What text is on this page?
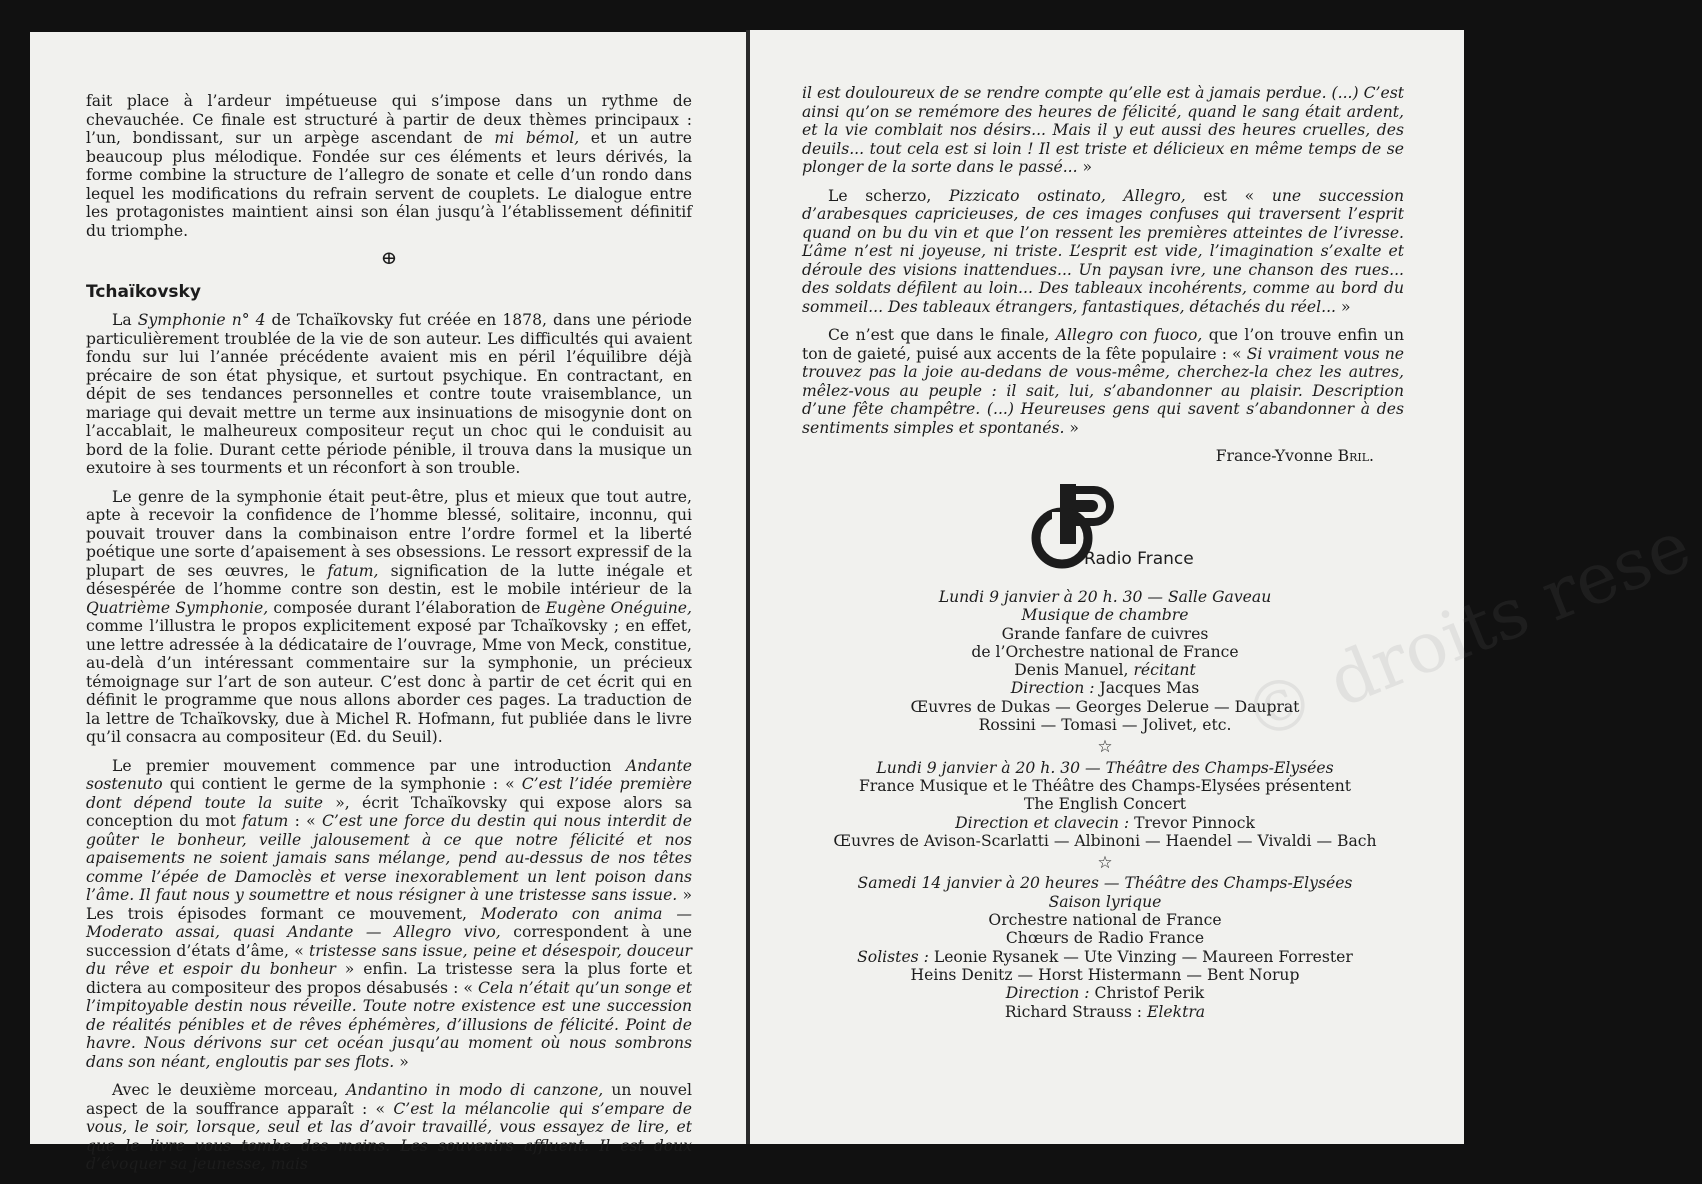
fait place à l’ardeur impétueuse qui s’impose dans un rythme de chevauchée. Ce finale est structuré à partir de deux thèmes principaux : l’un, bondissant, sur un arpège ascendant de mi bémol, et un autre beaucoup plus mélodique. Fondée sur ces éléments et leurs dérivés, la forme combine la structure de l’allegro de sonate et celle d’un rondo dans lequel les modifications du refrain servent de couplets. Le dialogue entre les protagonistes maintient ainsi son élan jusqu’à l’établissement définitif du triomphe.

ⴲ
Tchaïkovsky

La Symphonie n° 4 de Tchaïkovsky fut créée en 1878, dans une période particulièrement troublée de la vie de son auteur. Les difficultés qui avaient fondu sur lui l’année précédente avaient mis en péril l’équilibre déjà précaire de son état physique, et surtout psychique. En contractant, en dépit de ses tendances personnelles et contre toute vraisemblance, un mariage qui devait mettre un terme aux insinuations de misogynie dont on l’accablait, le malheureux compositeur reçut un choc qui le conduisit au bord de la folie. Durant cette période pénible, il trouva dans la musique un exutoire à ses tourments et un réconfort à son trouble.

Le genre de la symphonie était peut-être, plus et mieux que tout autre, apte à recevoir la confidence de l’homme blessé, solitaire, inconnu, qui pouvait trouver dans la combinaison entre l’ordre formel et la liberté poétique une sorte d’apaisement à ses obsessions. Le ressort expressif de la plupart de ses œuvres, le fatum, signification de la lutte inégale et désespérée de l’homme contre son destin, est le mobile intérieur de la Quatrième Symphonie, composée durant l’élaboration de Eugène Onéguine, comme l’illustra le propos explicitement exposé par Tchaïkovsky ; en effet, une lettre adressée à la dédicataire de l’ouvrage, Mme von Meck, constitue, au-delà d’un intéressant commentaire sur la symphonie, un précieux témoignage sur l’art de son auteur. C’est donc à partir de cet écrit qui en définit le programme que nous allons aborder ces pages. La traduction de la lettre de Tchaïkovsky, due à Michel R. Hofmann, fut publiée dans le livre qu’il consacra au compositeur (Ed. du Seuil).

Le premier mouvement commence par une introduction Andante sostenuto qui contient le germe de la symphonie : « C’est l’idée première dont dépend toute la suite », écrit Tchaïkovsky qui expose alors sa conception du mot fatum : « C’est une force du destin qui nous interdit de goûter le bonheur, veille jalousement à ce que notre félicité et nos apaisements ne soient jamais sans mélange, pend au-dessus de nos têtes comme l’épée de Damoclès et verse inexorablement un lent poison dans l’âme. Il faut nous y soumettre et nous résigner à une tristesse sans issue. » Les trois épisodes formant ce mouvement, Moderato con anima — Moderato assai, quasi Andante — Allegro vivo, correspondent à une succession d’états d’âme, « tristesse sans issue, peine et désespoir, douceur du rêve et espoir du bonheur » enfin. La tristesse sera la plus forte et dictera au compositeur des propos désabusés : « Cela n’était qu’un songe et l’impitoyable destin nous réveille. Toute notre existence est une succession de réalités pénibles et de rêves éphémères, d’illusions de félicité. Point de havre. Nous dérivons sur cet océan jusqu’au moment où nous sombrons dans son néant, engloutis par ses flots. »

Avec le deuxième morceau, Andantino in modo di canzone, un nouvel aspect de la souffrance apparaît : « C’est la mélancolie qui s’empare de vous, le soir, lorsque, seul et las d’avoir travaillé, vous essayez de lire, et que le livre vous tombe des mains. Les souvenirs affluent. Il est doux d’évoquer sa jeunesse, mais

© droits rese

il est douloureux de se rendre compte qu’elle est à jamais perdue. (...) C’est ainsi qu’on se remémore des heures de félicité, quand le sang était ardent, et la vie comblait nos désirs... Mais il y eut aussi des heures cruelles, des deuils... tout cela est si loin ! Il est triste et délicieux en même temps de se plonger de la sorte dans le passé... »

Le scherzo, Pizzicato ostinato, Allegro, est « une succession d’arabesques capricieuses, de ces images confuses qui traversent l’esprit quand on bu du vin et que l’on ressent les premières atteintes de l’ivresse. L’âme n’est ni joyeuse, ni triste. L’esprit est vide, l’imagination s’exalte et déroule des visions inattendues... Un paysan ivre, une chanson des rues... des soldats défilent au loin... Des tableaux incohérents, comme au bord du sommeil... Des tableaux étrangers, fantastiques, détachés du réel... »

Ce n’est que dans le finale, Allegro con fuoco, que l’on trouve enfin un ton de gaieté, puisé aux accents de la fête populaire : « Si vraiment vous ne trouvez pas la joie au-dedans de vous-même, cherchez-la chez les autres, mêlez-vous au peuple : il sait, lui, s’abandonner au plaisir. Description d’une fête champêtre. (...) Heureuses gens qui savent s’abandonner à des sentiments simples et spontanés. »

France-Yvonne Bril.
Radio France
Lundi 9 janvier à 20 h. 30 — Salle Gaveau
Musique de chambre
Grande fanfare de cuivres
de l’Orchestre national de France
Denis Manuel, récitant
Direction : Jacques Mas
Œuvres de Dukas — Georges Delerue — Dauprat
Rossini — Tomasi — Jolivet, etc.
☆
Lundi 9 janvier à 20 h. 30 — Théâtre des Champs-Elysées
France Musique et le Théâtre des Champs-Elysées présentent
The English Concert
Direction et clavecin : Trevor Pinnock
Œuvres de Avison-Scarlatti — Albinoni — Haendel — Vivaldi — Bach
☆
Samedi 14 janvier à 20 heures — Théâtre des Champs-Elysées
Saison lyrique
Orchestre national de France
Chœurs de Radio France
Solistes : Leonie Rysanek — Ute Vinzing — Maureen Forrester
Heins Denitz — Horst Histermann — Bent Norup
Direction : Christof Perik
Richard Strauss : Elektra
